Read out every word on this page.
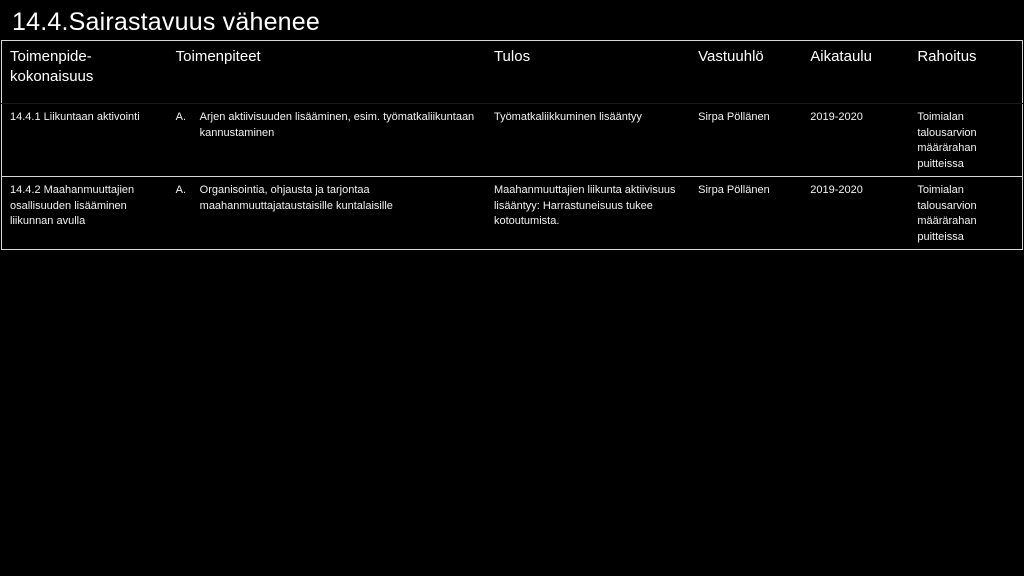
14.4.Sairastavuus vähenee
Toimenpide-kokonaisuus	Toimenpiteet	Tulos	Vastuuhlö	Aikataulu	Rahoitus
14.4.1 Liikuntaan aktivointi	A. Arjen aktiivisuuden lisääminen, esim. työmatkaliikuntaan kannustaminen	Työmatkaliikkuminen lisääntyy	Sirpa Pöllänen	2019-2020	Toimialan talousarvion määrärahan puitteissa
14.4.2 Maahanmuuttajien osallisuuden lisääminen liikunnan avulla	A. Organisointia, ohjausta ja tarjontaa maahanmuuttajataustaisille kuntalaisille	Maahanmuuttajien liikunta aktiivisuus lisääntyy: Harrastuneisuus tukee kotoutumista.	Sirpa Pöllänen	2019-2020	Toimialan talousarvion määrärahan puitteissa
